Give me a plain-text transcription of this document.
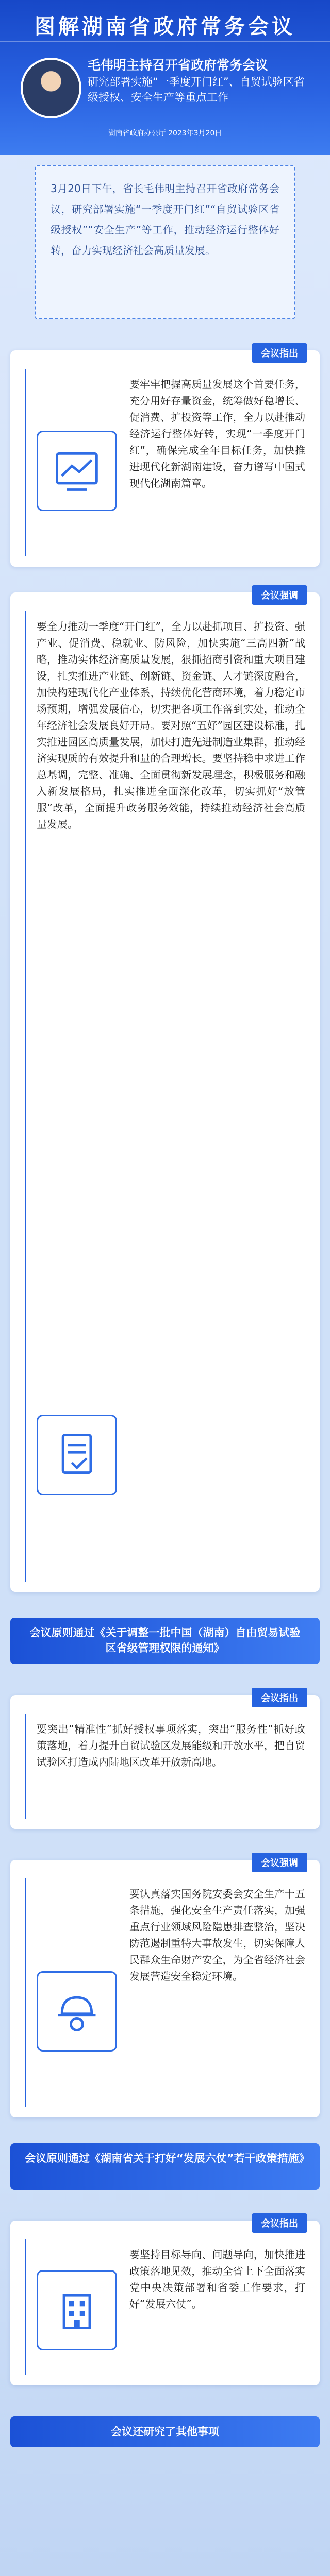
图解湖南省政府常务会议
毛伟明主持召开省政府常务会议
研究部署实施“一季度开门红”、自贸试验区省级授权、安全生产等重点工作
湖南省政府办公厅 2023年3月20日

3月20日下午，省长毛伟明主持召开省政府常务会议，研究部署实施“一季度开门红”“自贸试验区省级授权”“安全生产”等工作，推动经济运行整体好转，奋力实现经济社会高质量发展。

会议指出
要牢牢把握高质量发展这个首要任务，充分用好存量资金，统筹做好稳增长、促消费、扩投资等工作，全力以赴推动经济运行整体好转，实现“一季度开门红”，确保完成全年目标任务，加快推进现代化新湖南建设，奋力谱写中国式现代化湖南篇章。
会议强调
要全力推动一季度“开门红”，全力以赴抓项目、扩投资、强产业、促消费、稳就业、防风险，加快实施“三高四新”战略，推动实体经济高质量发展，狠抓招商引资和重大项目建设，扎实推进产业链、创新链、资金链、人才链深度融合，加快构建现代化产业体系，持续优化营商环境，着力稳定市场预期，增强发展信心，切实把各项工作落到实处，推动全年经济社会发展良好开局。要对照“五好”园区建设标准，扎实推进园区高质量发展，加快打造先进制造业集群，推动经济实现质的有效提升和量的合理增长。要坚持稳中求进工作总基调，完整、准确、全面贯彻新发展理念，积极服务和融入新发展格局，扎实推进全面深化改革，切实抓好“放管服”改革，全面提升政务服务效能，持续推动经济社会高质量发展。
会议原则通过《关于调整一批中国（湖南）自由贸易试验区省级管理权限的通知》
会议指出
要突出“精准性”抓好授权事项落实，突出“服务性”抓好政策落地，着力提升自贸试验区发展能级和开放水平，把自贸试验区打造成内陆地区改革开放新高地。
会议强调
要认真落实国务院安委会安全生产十五条措施，强化安全生产责任落实，加强重点行业领域风险隐患排查整治，坚决防范遏制重特大事故发生，切实保障人民群众生命财产安全，为全省经济社会发展营造安全稳定环境。
会议原则通过《湖南省关于打好“发展六仗”若干政策措施》
会议指出
要坚持目标导向、问题导向，加快推进政策落地见效，推动全省上下全面落实党中央决策部署和省委工作要求，打好“发展六仗”。
会议还研究了其他事项
